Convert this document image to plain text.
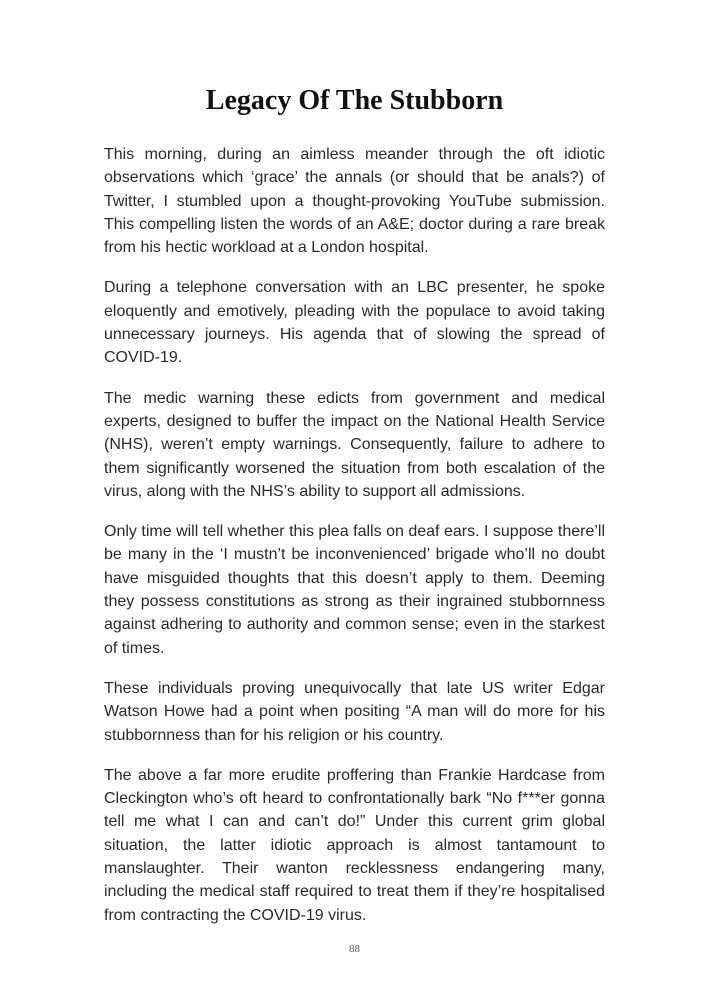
Legacy Of The Stubborn

This morning, during an aimless meander through the oft idiotic observations which ‘grace’ the annals (or should that be anals?) of Twitter, I stumbled upon a thought-provoking YouTube submission. This compelling listen the words of an A&E; doctor during a rare break from his hectic workload at a London hospital.

During a telephone conversation with an LBC presenter, he spoke eloquently and emotively, pleading with the populace to avoid taking unnecessary journeys. His agenda that of slowing the spread of COVID-19.

The medic warning these edicts from government and medical experts, designed to buffer the impact on the National Health Service (NHS), weren’t empty warnings. Consequently, failure to adhere to them significantly worsened the situation from both escalation of the virus, along with the NHS’s ability to support all admissions.

Only time will tell whether this plea falls on deaf ears. I suppose there’ll be many in the ‘I mustn’t be inconvenienced’ brigade who’ll no doubt have misguided thoughts that this doesn’t apply to them. Deeming they possess constitutions as strong as their ingrained stubbornness against adhering to authority and common sense; even in the starkest of times.

These individuals proving unequivocally that late US writer Edgar Watson Howe had a point when positing “A man will do more for his stubbornness than for his religion or his country.

The above a far more erudite proffering than Frankie Hardcase from Cleckington who’s oft heard to confrontationally bark “No f***er gonna tell me what I can and can’t do!” Under this current grim global situation, the latter idiotic approach is almost tantamount to manslaughter. Their wanton recklessness endangering many, including the medical staff required to treat them if they’re hospitalised from contracting the COVID-19 virus.

88
